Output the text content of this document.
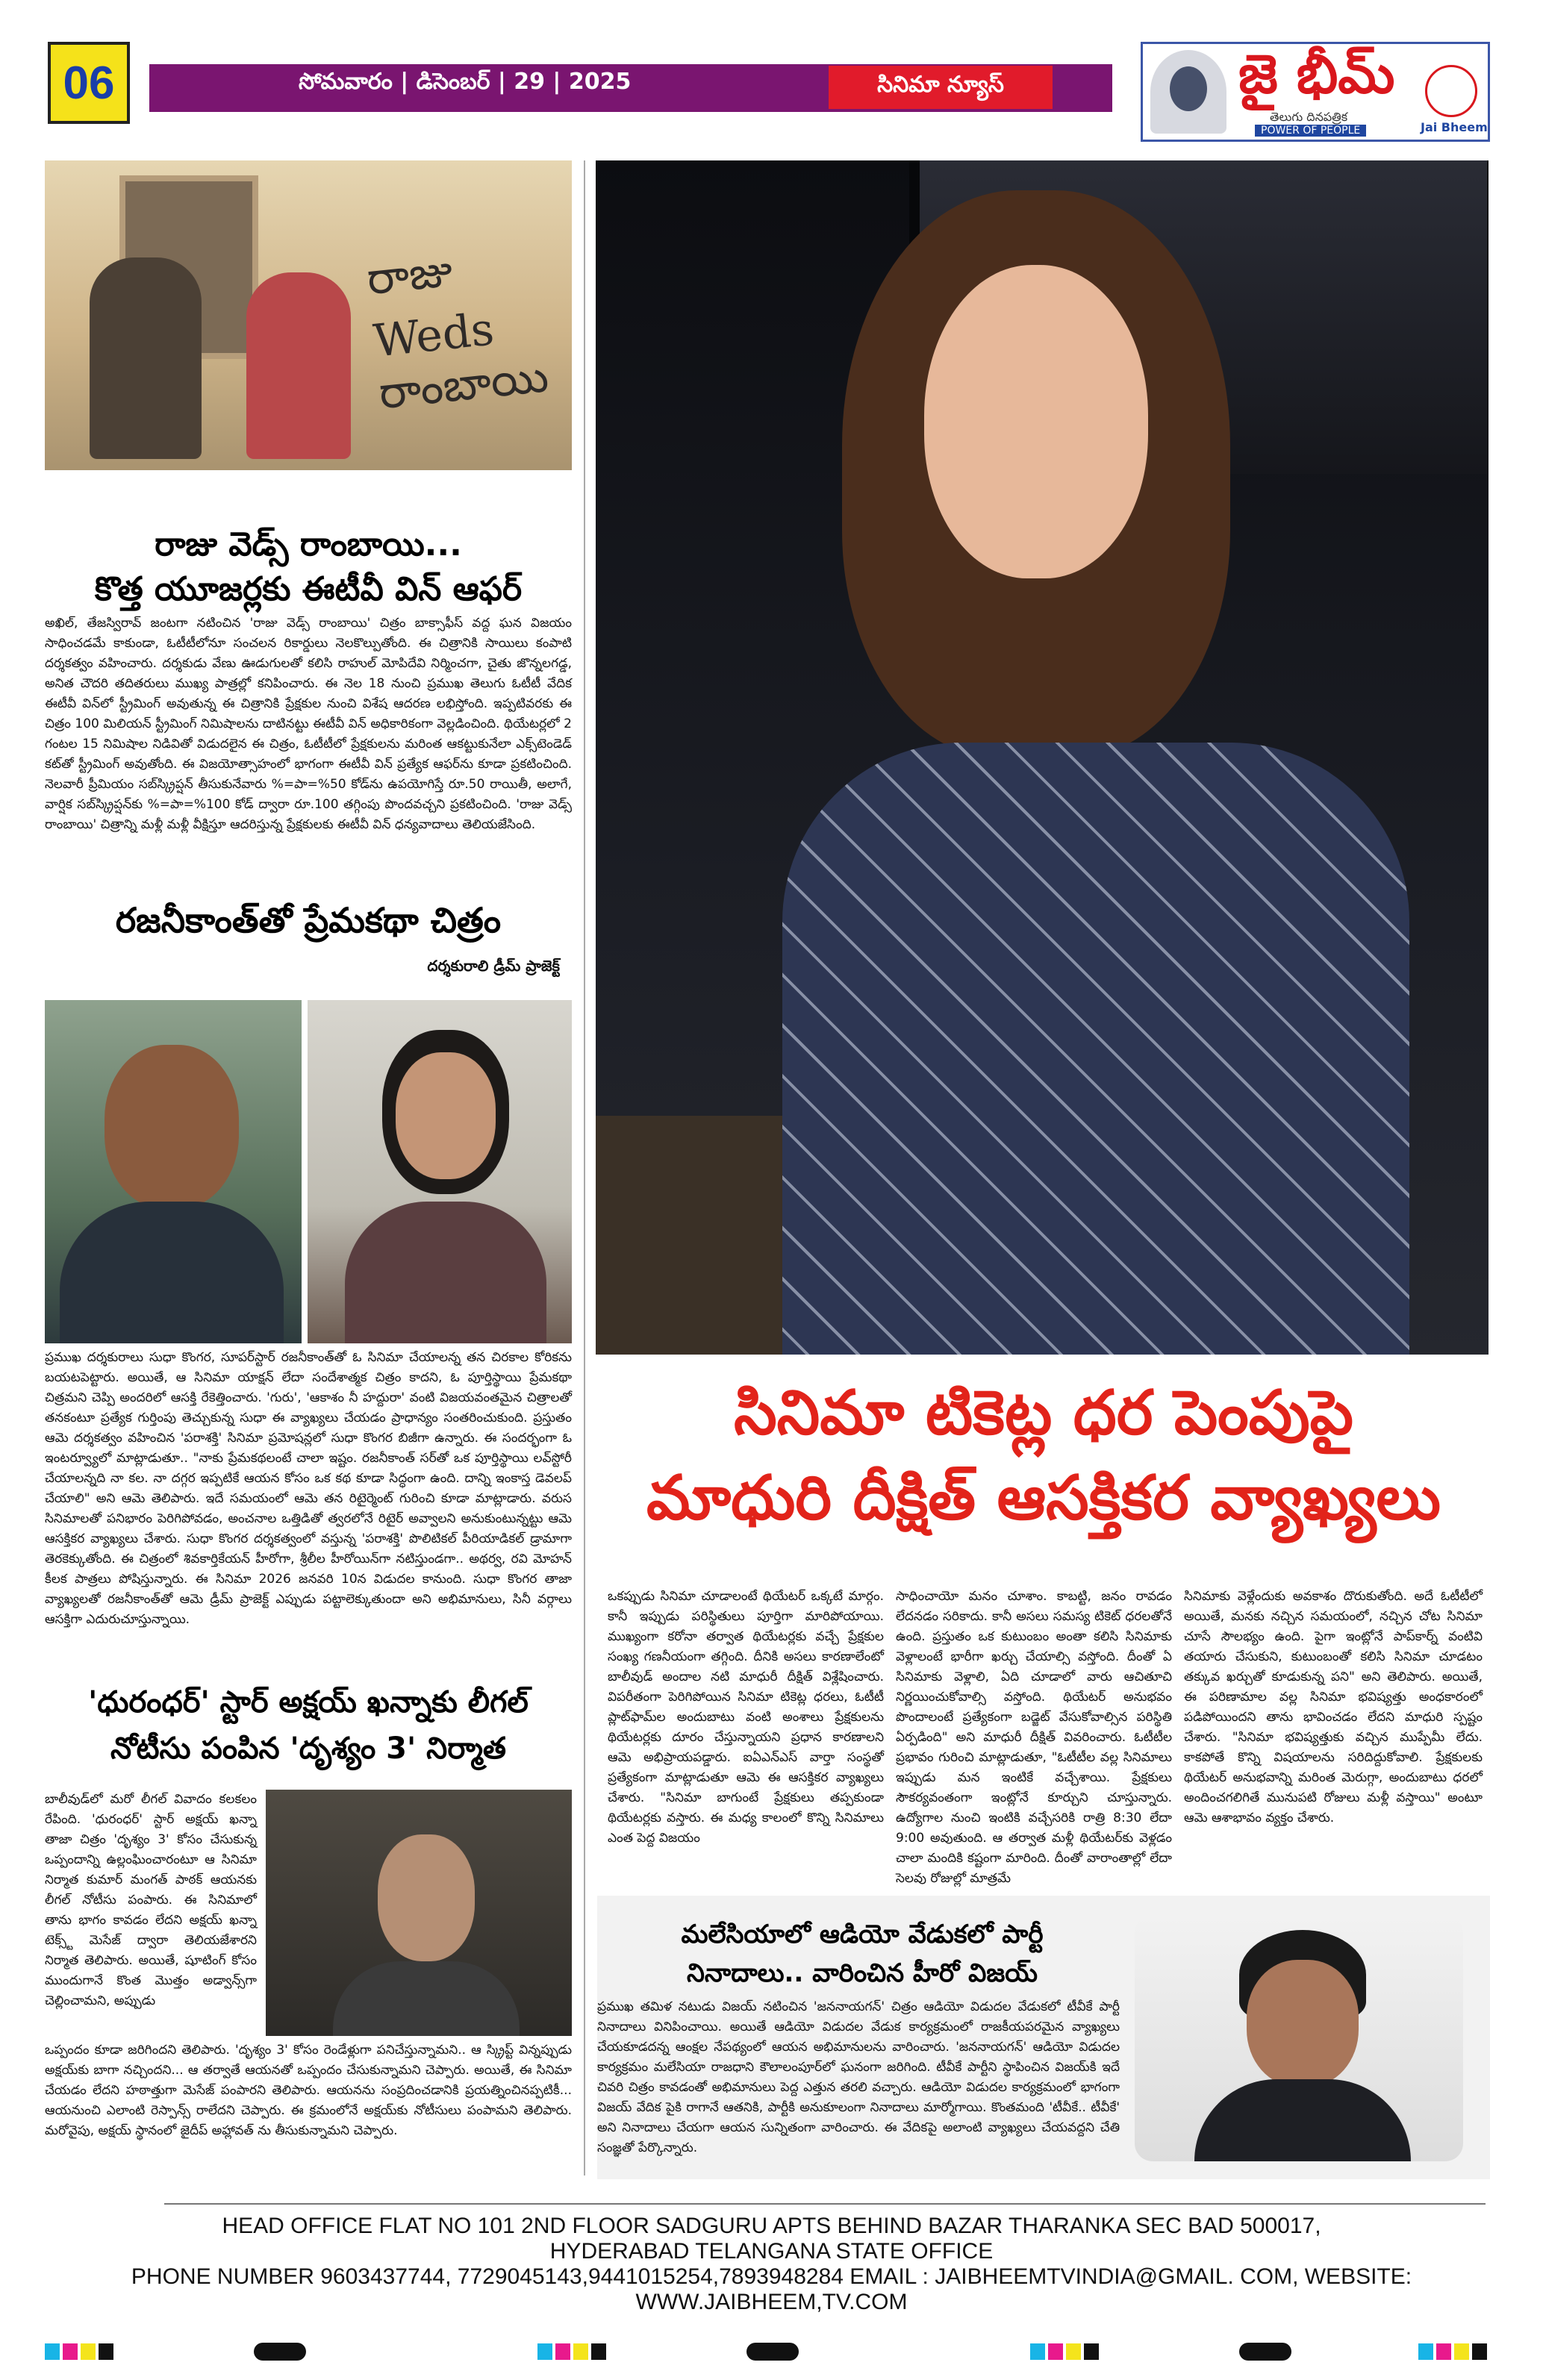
06	సోమవారం | డిసెంబర్ | 29 | 2025	సినిమా న్యూస్	జై భీమ్
తెలుగు దినపత్రిక
POWER OF PEOPLE	Jai Bheem
రాజు Weds రాంబాయి
రాజు వెడ్స్ రాంబాయి...
కొత్త యూజర్లకు ఈటీవీ విన్ ఆఫర్
అఖిల్, తేజస్విరావ్ జంటగా నటించిన 'రాజు వెడ్స్ రాంబాయి' చిత్రం బాక్సాఫీస్ వద్ద ఘన విజయం సాధించడమే కాకుండా, ఓటీటీలోనూ సంచలన రికార్డులు నెలకొల్పుతోంది. ఈ చిత్రానికి సాయిలు కంపాటి దర్శకత్వం వహించారు. దర్శకుడు వేణు ఊడుగులతో కలిసి రాహుల్ మోపిదేవి నిర్మించగా, చైతు జొన్నలగడ్డ, అనిత చౌదరి తదితరులు ముఖ్య పాత్రల్లో కనిపించారు. ఈ నెల 18 నుంచి ప్రముఖ తెలుగు ఓటీటీ వేదిక ఈటీవీ విన్‌లో స్ట్రీమింగ్ అవుతున్న ఈ చిత్రానికి ప్రేక్షకుల నుంచి విశేష ఆదరణ లభిస్తోంది. ఇప్పటివరకు ఈ చిత్రం 100 మిలియన్ స్ట్రీమింగ్ నిమిషాలను దాటినట్టు ఈటీవీ విన్ అధికారికంగా వెల్లడించింది. థియేటర్లలో 2 గంటల 15 నిమిషాల నిడివితో విడుదలైన ఈ చిత్రం, ఓటీటీలో ప్రేక్షకులను మరింత ఆకట్టుకునేలా ఎక్స్‌టెండెడ్ కట్‌తో స్ట్రీమింగ్ అవుతోంది. ఈ విజయోత్సాహంలో భాగంగా ఈటీవీ విన్ ప్రత్యేక ఆఫర్‌ను కూడా ప్రకటించింది. నెలవారీ ప్రీమియం సబ్‌స్క్రిప్షన్ తీసుకునేవారు %=పా=%50 కోడ్‌ను ఉపయోగిస్తే రూ.50 రాయితీ, అలాగే, వార్షిక సబ్‌స్క్రిప్షన్‌కు %=పా=%100 కోడ్ ద్వారా రూ.100 తగ్గింపు పొందవచ్చని ప్రకటించింది. 'రాజు వెడ్స్ రాంబాయి' చిత్రాన్ని మళ్లీ మళ్లీ వీక్షిస్తూ ఆదరిస్తున్న ప్రేక్షకులకు ఈటీవీ విన్ ధన్యవాదాలు తెలియజేసింది.
రజనీకాంత్‌తో ప్రేమకథా చిత్రం
దర్శకురాలి డ్రీమ్ ప్రాజెక్ట్
ప్రముఖ దర్శకురాలు సుధా కొంగర, సూపర్‌స్టార్ రజనీకాంత్‌తో ఓ సినిమా చేయాలన్న తన చిరకాల కోరికను బయటపెట్టారు. అయితే, ఆ సినిమా యాక్షన్ లేదా సందేశాత్మక చిత్రం కాదని, ఓ పూర్తిస్థాయి ప్రేమకథా చిత్రమని చెప్పి అందరిలో ఆసక్తి రేకెత్తించారు. 'గురు', 'ఆకాశం నీ హద్దురా' వంటి విజయవంతమైన చిత్రాలతో తనకంటూ ప్రత్యేక గుర్తింపు తెచ్చుకున్న సుధా ఈ వ్యాఖ్యలు చేయడం ప్రాధాన్యం సంతరించుకుంది. ప్రస్తుతం ఆమె దర్శకత్వం వహించిన 'పరాశక్తి' సినిమా ప్రమోషన్లలో సుధా కొంగర బిజీగా ఉన్నారు. ఈ సందర్భంగా ఓ ఇంటర్వ్యూలో మాట్లాడుతూ.. "నాకు ప్రేమకథలంటే చాలా ఇష్టం. రజనీకాంత్ సర్‌తో ఒక పూర్తిస్థాయి లవ్‌స్టోరీ చేయాలన్నది నా కల. నా దగ్గర ఇప్పటికే ఆయన కోసం ఒక కథ కూడా సిద్ధంగా ఉంది. దాన్ని ఇంకాస్త డెవలప్ చేయాలి" అని ఆమె తెలిపారు. ఇదే సమయంలో ఆమె తన రిటైర్మెంట్ గురించి కూడా మాట్లాడారు. వరుస సినిమాలతో పనిభారం పెరిగిపోవడం, అంచనాల ఒత్తిడితో త్వరలోనే రిటైర్ అవ్వాలని అనుకుంటున్నట్టు ఆమె ఆసక్తికర వ్యాఖ్యలు చేశారు. సుధా కొంగర దర్శకత్వంలో వస్తున్న 'పరాశక్తి' పొలిటికల్ పీరియాడికల్ డ్రామాగా తెరకెక్కుతోంది. ఈ చిత్రంలో శివకార్తికేయన్ హీరోగా, శ్రీలీల హీరోయిన్‌గా నటిస్తుండగా.. అథర్వ, రవి మోహన్ కీలక పాత్రలు పోషిస్తున్నారు. ఈ సినిమా 2026 జనవరి 10న విడుదల కానుంది. సుధా కొంగర తాజా వ్యాఖ్యలతో రజనీకాంత్‌తో ఆమె డ్రీమ్ ప్రాజెక్ట్ ఎప్పుడు పట్టాలెక్కుతుందా అని అభిమానులు, సినీ వర్గాలు ఆసక్తిగా ఎదురుచూస్తున్నాయి.
'ధురంధర్' స్టార్ అక్షయ్ ఖన్నాకు లీగల్
నోటీసు పంపిన 'దృశ్యం 3' నిర్మాత
బాలీవుడ్‌లో మరో లీగల్ వివాదం కలకలం రేపింది. 'ధురంధర్' స్టార్ అక్షయ్ ఖన్నా తాజా చిత్రం 'దృశ్యం 3' కోసం చేసుకున్న ఒప్పందాన్ని ఉల్లంఘించారంటూ ఆ సినిమా నిర్మాత కుమార్ మంగత్ పాఠక్ ఆయనకు లీగల్ నోటీసు పంపారు. ఈ సినిమాలో తాను భాగం కావడం లేదని అక్షయ్ ఖన్నా టెక్స్ట్ మెసేజ్ ద్వారా తెలియజేశారని నిర్మాత తెలిపారు. అయితే, షూటింగ్ కోసం ముందుగానే కొంత మొత్తం అడ్వాన్స్‌గా చెల్లించామని, అప్పుడు
ఒప్పందం కూడా జరిగిందని తెలిపారు. 'దృశ్యం 3' కోసం రెండేళ్లుగా పనిచేస్తున్నామని.. ఆ స్క్రిప్ట్ విన్నప్పుడు అక్షయ్‌కు బాగా నచ్చిందని... ఆ తర్వాతే ఆయనతో ఒప్పందం చేసుకున్నామని చెప్పారు. అయితే, ఈ సినిమా చేయడం లేదని హఠాత్తుగా మెసేజ్ పంపారని తెలిపారు. ఆయనను సంప్రదించడానికి ప్రయత్నించినప్పటికీ... ఆయనుంచి ఎలాంటి రెస్పాన్స్ రాలేదని చెప్పారు. ఈ క్రమంలోనే అక్షయ్‌కు నోటీసులు పంపామని తెలిపారు. మరోవైపు, అక్షయ్ స్థానంలో జైదీప్ అహ్లావత్ ను తీసుకున్నామని చెప్పారు.
సినిమా టికెట్ల ధర పెంపుపై
మాధురి దీక్షిత్ ఆసక్తికర వ్యాఖ్యలు
ఒకప్పుడు సినిమా చూడాలంటే థియేటర్ ఒక్కటే మార్గం. కానీ ఇప్పుడు పరిస్థితులు పూర్తిగా మారిపోయాయి. ముఖ్యంగా కరోనా తర్వాత థియేటర్లకు వచ్చే ప్రేక్షకుల సంఖ్య గణనీయంగా తగ్గింది. దీనికి అసలు కారణాలేంటో బాలీవుడ్ అందాల నటి మాధురీ దీక్షిత్ విశ్లేషించారు. విపరీతంగా పెరిగిపోయిన సినిమా టికెట్ల ధరలు, ఓటీటీ ప్లాట్‌ఫామ్‌ల అందుబాటు వంటి అంశాలు ప్రేక్షకులను థియేటర్లకు దూరం చేస్తున్నాయని ప్రధాన కారణాలని ఆమె అభిప్రాయపడ్డారు. ఐఏఎన్ఎస్ వార్తా సంస్థతో ప్రత్యేకంగా మాట్లాడుతూ ఆమె ఈ ఆసక్తికర వ్యాఖ్యలు చేశారు. "సినిమా బాగుంటే ప్రేక్షకులు తప్పకుండా థియేటర్లకు వస్తారు. ఈ మధ్య కాలంలో కొన్ని సినిమాలు ఎంత పెద్ద విజయం
సాధించాయో మనం చూశాం. కాబట్టి, జనం రావడం లేదనడం సరికాదు. కానీ అసలు సమస్య టికెట్ ధరలతోనే ఉంది. ప్రస్తుతం ఒక కుటుంబం అంతా కలిసి సినిమాకు వెళ్లాలంటే భారీగా ఖర్చు చేయాల్సి వస్తోంది. దీంతో ఏ సినిమాకు వెళ్లాలి, ఏది చూడాలో వారు ఆచితూచి నిర్ణయించుకోవాల్సి వస్తోంది. థియేటర్ అనుభవం పొందాలంటే ప్రత్యేకంగా బడ్జెట్ వేసుకోవాల్సిన పరిస్థితి ఏర్పడింది" అని మాధురీ దీక్షిత్ వివరించారు. ఓటీటీల ప్రభావం గురించి మాట్లాడుతూ, "ఓటీటీల వల్ల సినిమాలు ఇప్పుడు మన ఇంటికే వచ్చేశాయి. ప్రేక్షకులు సౌకర్యవంతంగా ఇంట్లోనే కూర్చుని చూస్తున్నారు. ఉద్యోగాల నుంచి ఇంటికి వచ్చేసరికి రాత్రి 8:30 లేదా 9:00 అవుతుంది. ఆ తర్వాత మళ్లీ థియేటర్‌కు వెళ్లడం చాలా మందికి కష్టంగా మారింది. దీంతో వారాంతాల్లో లేదా సెలవు రోజుల్లో మాత్రమే
సినిమాకు వెళ్లేందుకు అవకాశం దొరుకుతోంది. అదే ఓటీటీలో అయితే, మనకు నచ్చిన సమయంలో, నచ్చిన చోట సినిమా చూసే సౌలభ్యం ఉంది. పైగా ఇంట్లోనే పాప్‌కార్న్ వంటివి తయారు చేసుకుని, కుటుంబంతో కలిసి సినిమా చూడటం తక్కువ ఖర్చుతో కూడుకున్న పని" అని తెలిపారు. అయితే, ఈ పరిణామాల వల్ల సినిమా భవిష్యత్తు అంధకారంలో పడిపోయిందని తాను భావించడం లేదని మాధురి స్పష్టం చేశారు. "సినిమా భవిష్యత్తుకు వచ్చిన ముప్పేమీ లేదు. కాకపోతే కొన్ని విషయాలను సరిదిద్దుకోవాలి. ప్రేక్షకులకు థియేటర్ అనుభవాన్ని మరింత మెరుగ్గా, అందుబాటు ధరలో అందించగలిగితే మునుపటి రోజులు మళ్లీ వస్తాయి" అంటూ ఆమె ఆశాభావం వ్యక్తం చేశారు.
మలేసియాలో ఆడియో వేడుకలో పార్టీ
నినాదాలు.. వారించిన హీరో విజయ్
ప్రముఖ తమిళ నటుడు విజయ్ నటించిన 'జననాయగన్' చిత్రం ఆడియో విడుదల వేడుకలో టీవీకే పార్టీ నినాదాలు వినిపించాయి. అయితే ఆడియో విడుదల వేడుక కార్యక్రమంలో రాజకీయపరమైన వ్యాఖ్యలు చేయకూడదన్న ఆంక్షల నేపథ్యంలో ఆయన అభిమానులను వారించారు. 'జననాయగన్' ఆడియో విడుదల కార్యక్రమం మలేసియా రాజధాని కౌలాలంపూర్‌లో ఘనంగా జరిగింది. టీవీకే పార్టీని స్థాపించిన విజయ్‌కి ఇదే చివరి చిత్రం కావడంతో అభిమానులు పెద్ద ఎత్తున తరలి వచ్చారు. ఆడియో విడుదల కార్యక్రమంలో భాగంగా విజయ్ వేదిక పైకి రాగానే ఆతనికి, పార్టీకి అనుకూలంగా నినాదాలు మార్మోగాయి. కొంతమంది 'టీవీకే.. టీవీకే' అని నినాదాలు చేయగా ఆయన సున్నితంగా వారించారు. ఈ వేదికపై అలాంటి వ్యాఖ్యలు చేయవద్దని చేతి సంజ్ఞతో పేర్కొన్నారు.
HEAD OFFICE FLAT NO 101 2ND FLOOR SADGURU APTS BEHIND BAZAR THARANKA SEC BAD 500017,
HYDERABAD TELANGANA STATE OFFICE
PHONE NUMBER 9603437744, 7729045143,9441015254,7893948284 EMAIL : JAIBHEEMTVINDIA@GMAIL. COM, WEBSITE: WWW.JAIBHEEM,TV.COM
